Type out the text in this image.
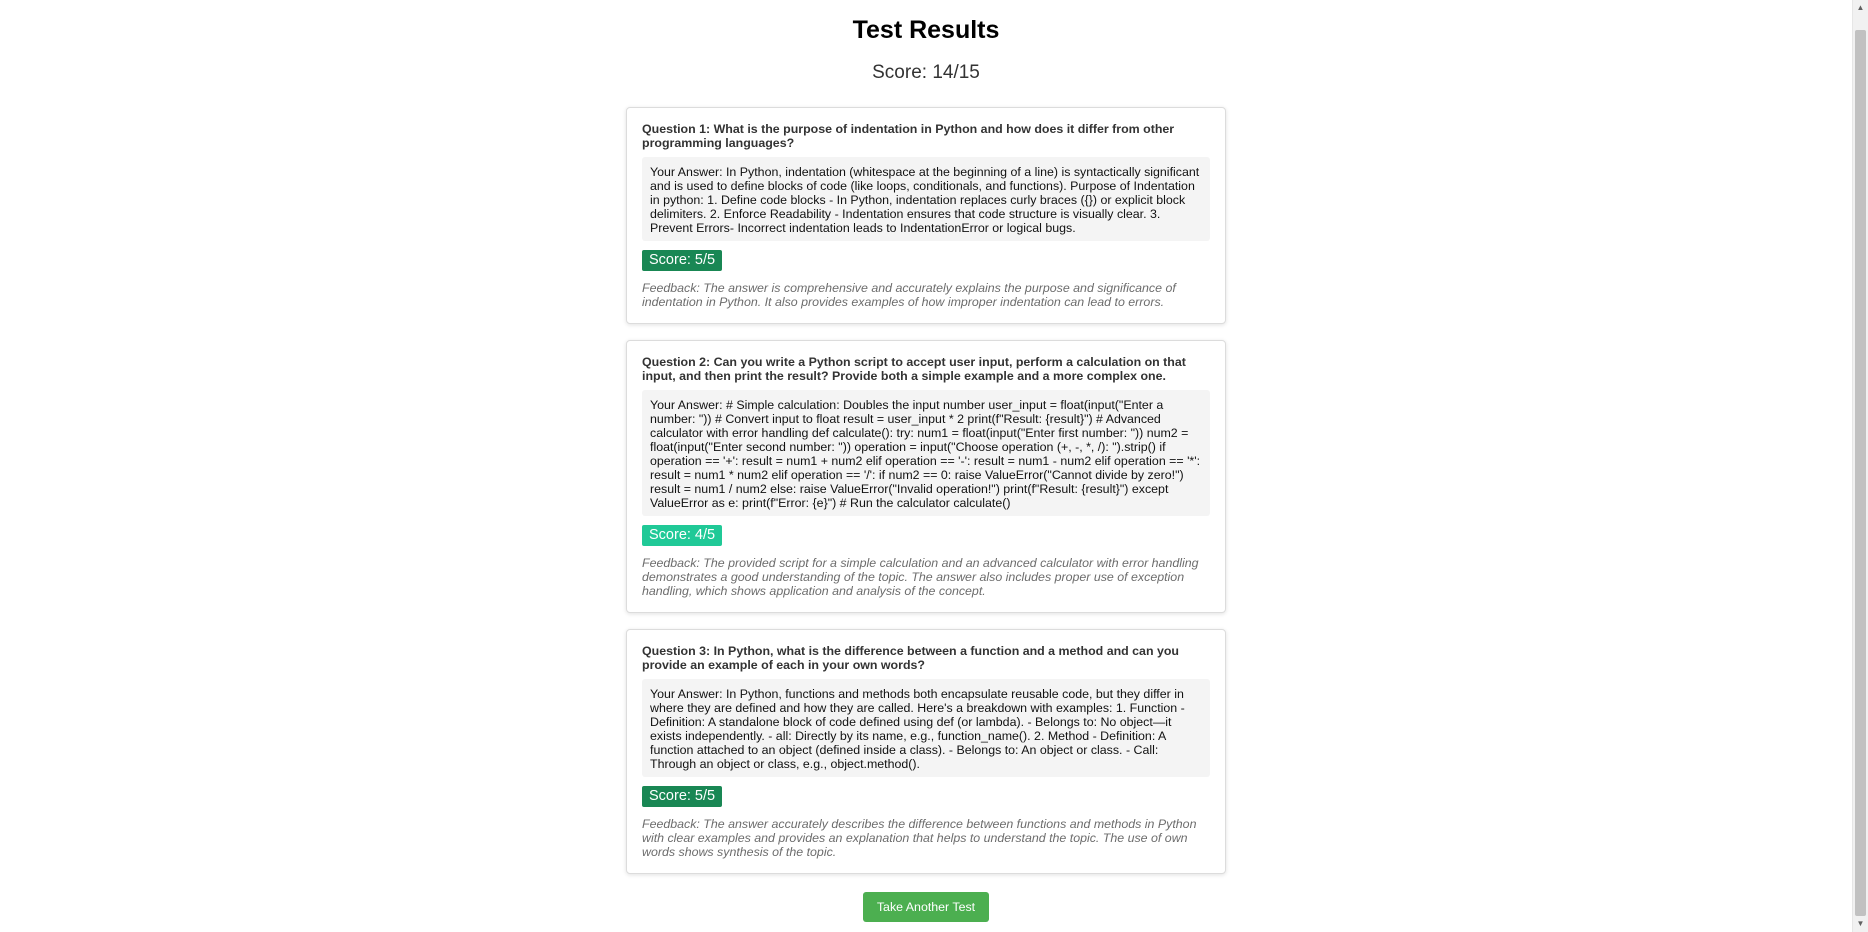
Test Results
Score: 14/15
Question 1: What is the purpose of indentation in Python and how does it differ from other programming languages?
Your Answer: In Python, indentation (whitespace at the beginning of a line) is syntactically significant and is used to define blocks of code (like loops, conditionals, and functions). Purpose of Indentation in python: 1. Define code blocks - In Python, indentation replaces curly braces ({}) or explicit block delimiters. 2. Enforce Readability - Indentation ensures that code structure is visually clear. 3. Prevent Errors- Incorrect indentation leads to IndentationError or logical bugs.
Score: 5/5
Feedback: The answer is comprehensive and accurately explains the purpose and significance of indentation in Python. It also provides examples of how improper indentation can lead to errors.
Question 2: Can you write a Python script to accept user input, perform a calculation on that input, and then print the result? Provide both a simple example and a more complex one.
Your Answer: # Simple calculation: Doubles the input number user_input = float(input("Enter a number: ")) # Convert input to float result = user_input * 2 print(f"Result: {result}") # Advanced calculator with error handling def calculate(): try: num1 = float(input("Enter first number: ")) num2 = float(input("Enter second number: ")) operation = input("Choose operation (+, -, *, /): ").strip() if operation == '+': result = num1 + num2 elif operation == '-': result = num1 - num2 elif operation == '*': result = num1 * num2 elif operation == '/': if num2 == 0: raise ValueError("Cannot divide by zero!") result = num1 / num2 else: raise ValueError("Invalid operation!") print(f"Result: {result}") except ValueError as e: print(f"Error: {e}") # Run the calculator calculate()
Score: 4/5
Feedback: The provided script for a simple calculation and an advanced calculator with error handling demonstrates a good understanding of the topic. The answer also includes proper use of exception handling, which shows application and analysis of the concept.
Question 3: In Python, what is the difference between a function and a method and can you provide an example of each in your own words?
Your Answer: In Python, functions and methods both encapsulate reusable code, but they differ in where they are defined and how they are called. Here's a breakdown with examples: 1. Function - Definition: A standalone block of code defined using def (or lambda). - Belongs to: No object—it exists independently. - all: Directly by its name, e.g., function_name(). 2. Method - Definition: A function attached to an object (defined inside a class). - Belongs to: An object or class. - Call: Through an object or class, e.g., object.method().
Score: 5/5
Feedback: The answer accurately describes the difference between functions and methods in Python with clear examples and provides an explanation that helps to understand the topic. The use of own words shows synthesis of the topic.
Take Another Test
▲
▼
